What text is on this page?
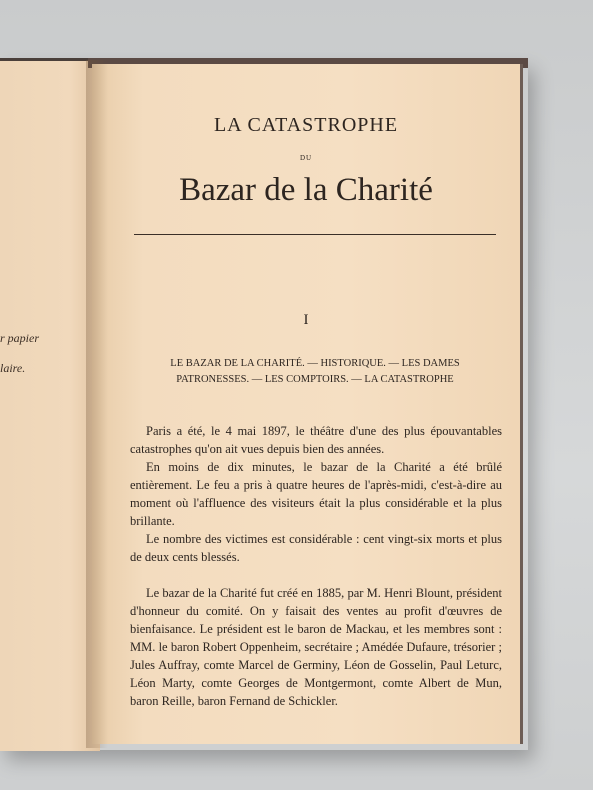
r papier
laire.
LA CATASTROPHE
DU
Bazar de la Charité
I
LE BAZAR DE LA CHARITÉ. — HISTORIQUE. — LES DAMES
PATRONESSES. — LES COMPTOIRS. — LA CATASTROPHE

Paris a été, le 4 mai 1897, le théâtre d'une des plus épouvantables catastrophes qu'on ait vues depuis bien des années.

En moins de dix minutes, le bazar de la Charité a été brûlé entièrement. Le feu a pris à quatre heures de l'après-midi, c'est-à-dire au moment où l'affluence des visiteurs était la plus considérable et la plus brillante.

Le nombre des victimes est considérable : cent vingt-six morts et plus de deux cents blessés.

Le bazar de la Charité fut créé en 1885, par M. Henri Blount, président d'honneur du comité. On y faisait des ventes au profit d'œuvres de bienfaisance. Le président est le baron de Mackau, et les membres sont : MM. le baron Robert Oppenheim, secrétaire ; Amédée Dufaure, trésorier ; Jules Auffray, comte Marcel de Germiny, Léon de Gosselin, Paul Leturc, Léon Marty, comte Georges de Montgermont, comte Albert de Mun, baron Reille, baron Fernand de Schickler.
